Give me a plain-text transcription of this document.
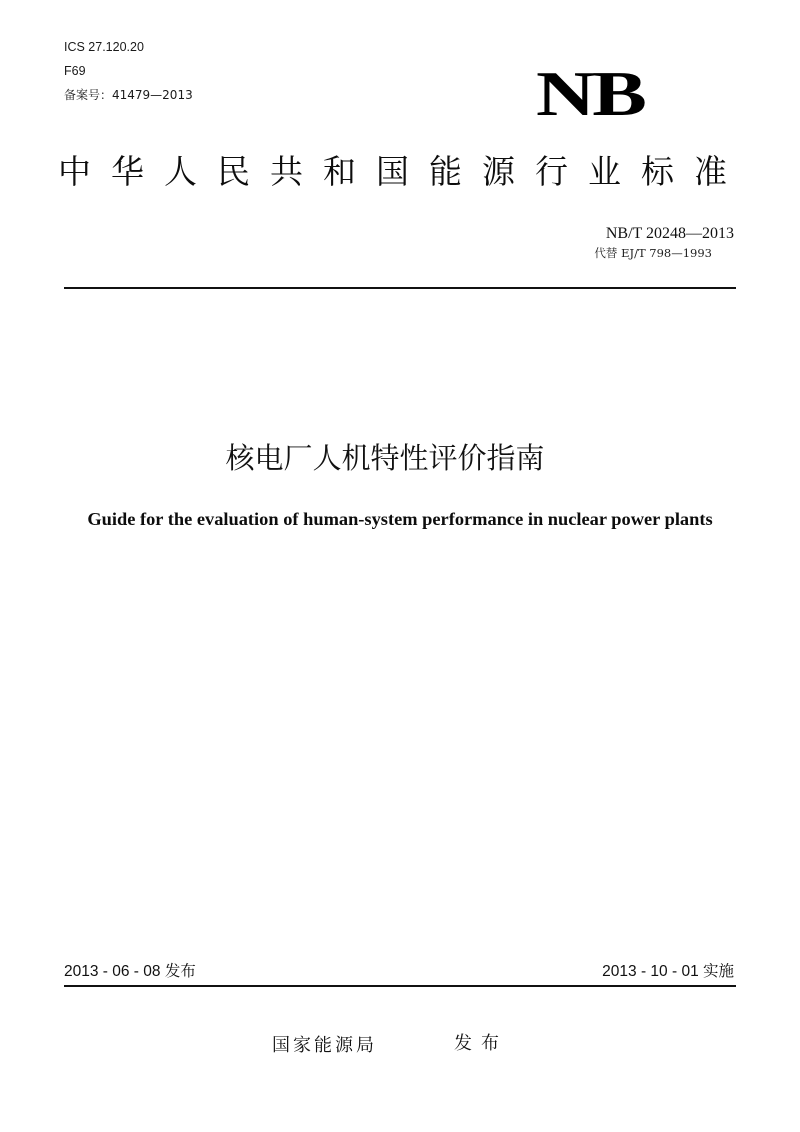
ICS 27.120.20
F69
备案号：41479—2013	NB
中华人民共和国能源行业标准
NB/T 20248—2013
代替 EJ/T 798—1993
核电厂人机特性评价指南
Guide for the evaluation of human-system performance in nuclear power plants
2013 - 06 - 08 发布	2013 - 10 - 01 实施
国家能源局	发布
